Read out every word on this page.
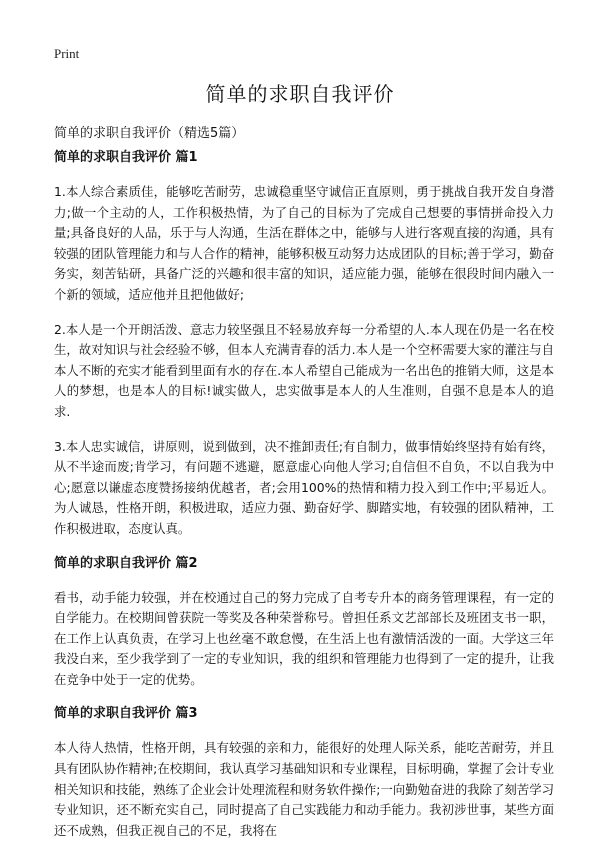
Print
简单的求职自我评价

简单的求职自我评价（精选5篇）

简单的求职自我评价 篇1

1.本人综合素质佳，能够吃苦耐劳，忠诚稳重坚守诚信正直原则，勇于挑战自我开发自身潜力;做一个主动的人，工作积极热情，为了自己的目标为了完成自己想要的事情拼命投入力量;具备良好的人品，乐于与人沟通，生活在群体之中，能够与人进行客观直接的沟通，具有较强的团队管理能力和与人合作的精神，能够积极互动努力达成团队的目标;善于学习，勤奋务实，刻苦钻研，具备广泛的兴趣和很丰富的知识，适应能力强，能够在很段时间内融入一个新的领域，适应他并且把他做好;

2.本人是一个开朗活泼、意志力较坚强且不轻易放弃每一分希望的人.本人现在仍是一名在校生，故对知识与社会经验不够，但本人充满青春的活力.本人是一个空杯需要大家的灌注与自本人不断的充实才能看到里面有水的存在.本人希望自己能成为一名出色的推销大师，这是本人的梦想，也是本人的目标!诚实做人，忠实做事是本人的人生准则，自强不息是本人的追求.

3.本人忠实诚信，讲原则，说到做到，决不推卸责任;有自制力，做事情始终坚持有始有终，从不半途而废;肯学习，有问题不逃避，愿意虚心向他人学习;自信但不自负，不以自我为中心;愿意以谦虚态度赞扬接纳优越者，者;会用100%的热情和精力投入到工作中;平易近人。为人诚恳，性格开朗，积极进取，适应力强、勤奋好学、脚踏实地，有较强的团队精神，工作积极进取，态度认真。

简单的求职自我评价 篇2

看书，动手能力较强，并在校通过自己的努力完成了自考专升本的商务管理课程，有一定的自学能力。在校期间曾获院一等奖及各种荣誉称号。曾担任系文艺部部长及班团支书一职，在工作上认真负责，在学习上也丝毫不敢怠慢，在生活上也有激情活泼的一面。大学这三年我没白来，至少我学到了一定的专业知识，我的组织和管理能力也得到了一定的提升，让我在竞争中处于一定的优势。

简单的求职自我评价 篇3

本人待人热情，性格开朗，具有较强的亲和力，能很好的处理人际关系，能吃苦耐劳，并且具有团队协作精神;在校期间，我认真学习基础知识和专业课程，目标明确，掌握了会计专业相关知识和技能，熟练了企业会计处理流程和财务软件操作;一向勤勉奋进的我除了刻苦学习专业知识，还不断充实自己，同时提高了自己实践能力和动手能力。我初涉世事，某些方面还不成熟，但我正视自己的不足，我将在
